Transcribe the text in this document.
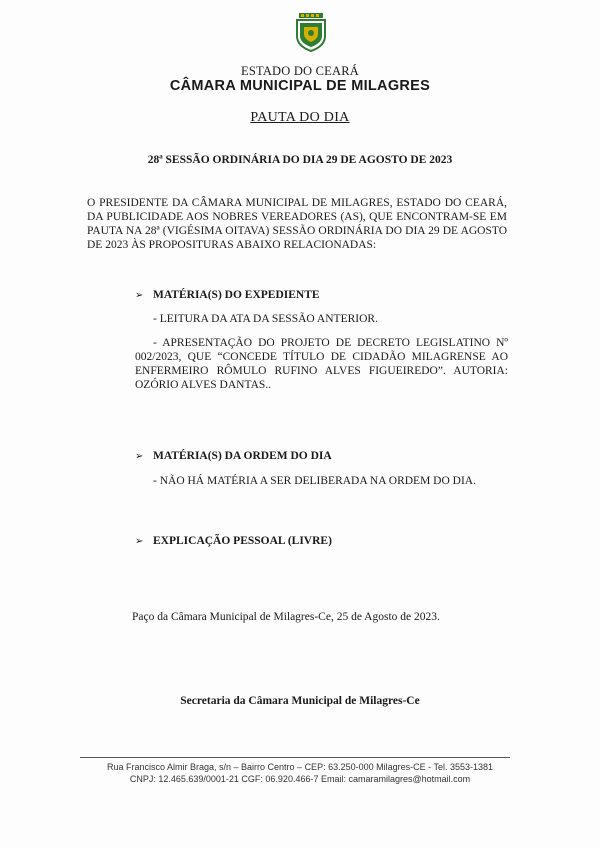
ESTADO DO CEARÁ
CÂMARA MUNICIPAL DE MILAGRES
PAUTA DO DIA
28ª SESSÃO ORDINÁRIA DO DIA 29 DE AGOSTO DE 2023
O PRESIDENTE DA CÂMARA MUNICIPAL DE MILAGRES, ESTADO DO CEARÁ, DA PUBLICIDADE AOS NOBRES VEREADORES (AS), QUE ENCONTRAM-SE EM PAUTA NA 28ª (VIGÉSIMA OITAVA) SESSÃO ORDINÁRIA DO DIA 29 DE AGOSTO DE 2023 ÀS PROPOSITURAS ABAIXO RELACIONADAS:
➢ MATÉRIA(S) DO EXPEDIENTE
- LEITURA DA ATA DA SESSÃO ANTERIOR.
- APRESENTAÇÃO DO PROJETO DE DECRETO LEGISLATINO Nº 002/2023, QUE “CONCEDE TÍTULO DE CIDADÃO MILAGRENSE AO ENFERMEIRO RÔMULO RUFINO ALVES FIGUEIREDO”. AUTORIA: OZÓRIO ALVES DANTAS..
➢ MATÉRIA(S) DA ORDEM DO DIA
- NÃO HÁ MATÉRIA A SER DELIBERADA NA ORDEM DO DIA.
➢ EXPLICAÇÃO PESSOAL (LIVRE)
Paço da Câmara Municipal de Milagres-Ce, 25 de Agosto de 2023.
Secretaria da Câmara Municipal de Milagres-Ce
Rua Francisco Almir Braga, s/n – Bairro Centro – CEP: 63.250-000 Milagres-CE - Tel. 3553-1381
CNPJ: 12.465.639/0001-21 CGF: 06.920.466-7 Email: camaramilagres@hotmail.com
